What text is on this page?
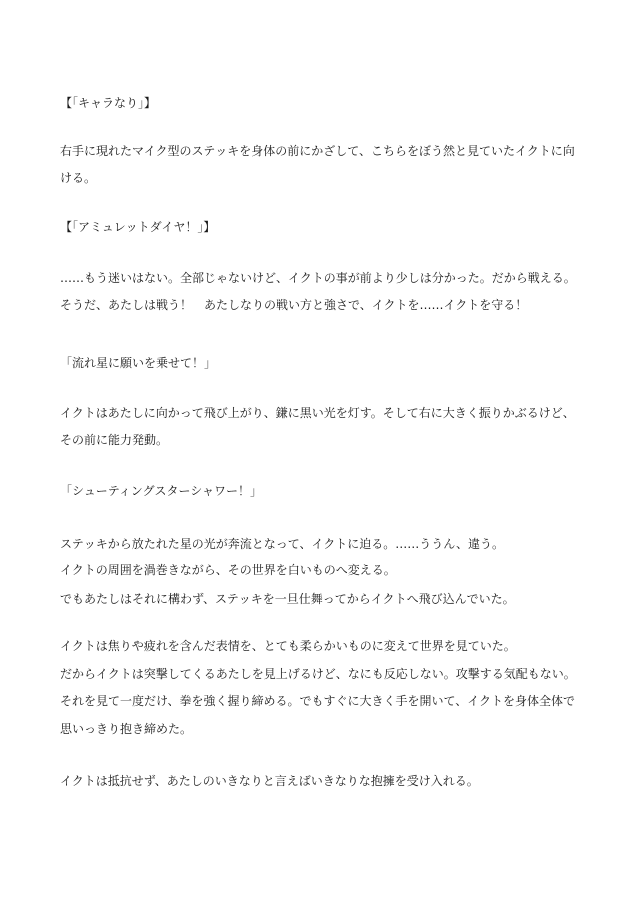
【「キャラなり」】
右手に現れたマイク型のステッキを身体の前にかざして、こちらをぼう然と見ていたイクトに向
ける。
【「アミュレットダイヤ！」】
……もう迷いはない。全部じゃないけど、イクトの事が前より少しは分かった。だから戦える。
そうだ、あたしは戦う！　あたしなりの戦い方と強さで、イクトを……イクトを守る！
「流れ星に願いを乗せて！」
イクトはあたしに向かって飛び上がり、鎌に黒い光を灯す。そして右に大きく振りかぶるけど、
その前に能力発動。
「シューティングスターシャワー！」
ステッキから放たれた星の光が奔流となって、イクトに迫る。……ううん、違う。
イクトの周囲を渦巻きながら、その世界を白いものへ変える。
でもあたしはそれに構わず、ステッキを一旦仕舞ってからイクトへ飛び込んでいた。
イクトは焦りや疲れを含んだ表情を、とても柔らかいものに変えて世界を見ていた。
だからイクトは突撃してくるあたしを見上げるけど、なにも反応しない。攻撃する気配もない。
それを見て一度だけ、拳を強く握り締める。でもすぐに大きく手を開いて、イクトを身体全体で
思いっきり抱き締めた。
イクトは抵抗せず、あたしのいきなりと言えばいきなりな抱擁を受け入れる。
